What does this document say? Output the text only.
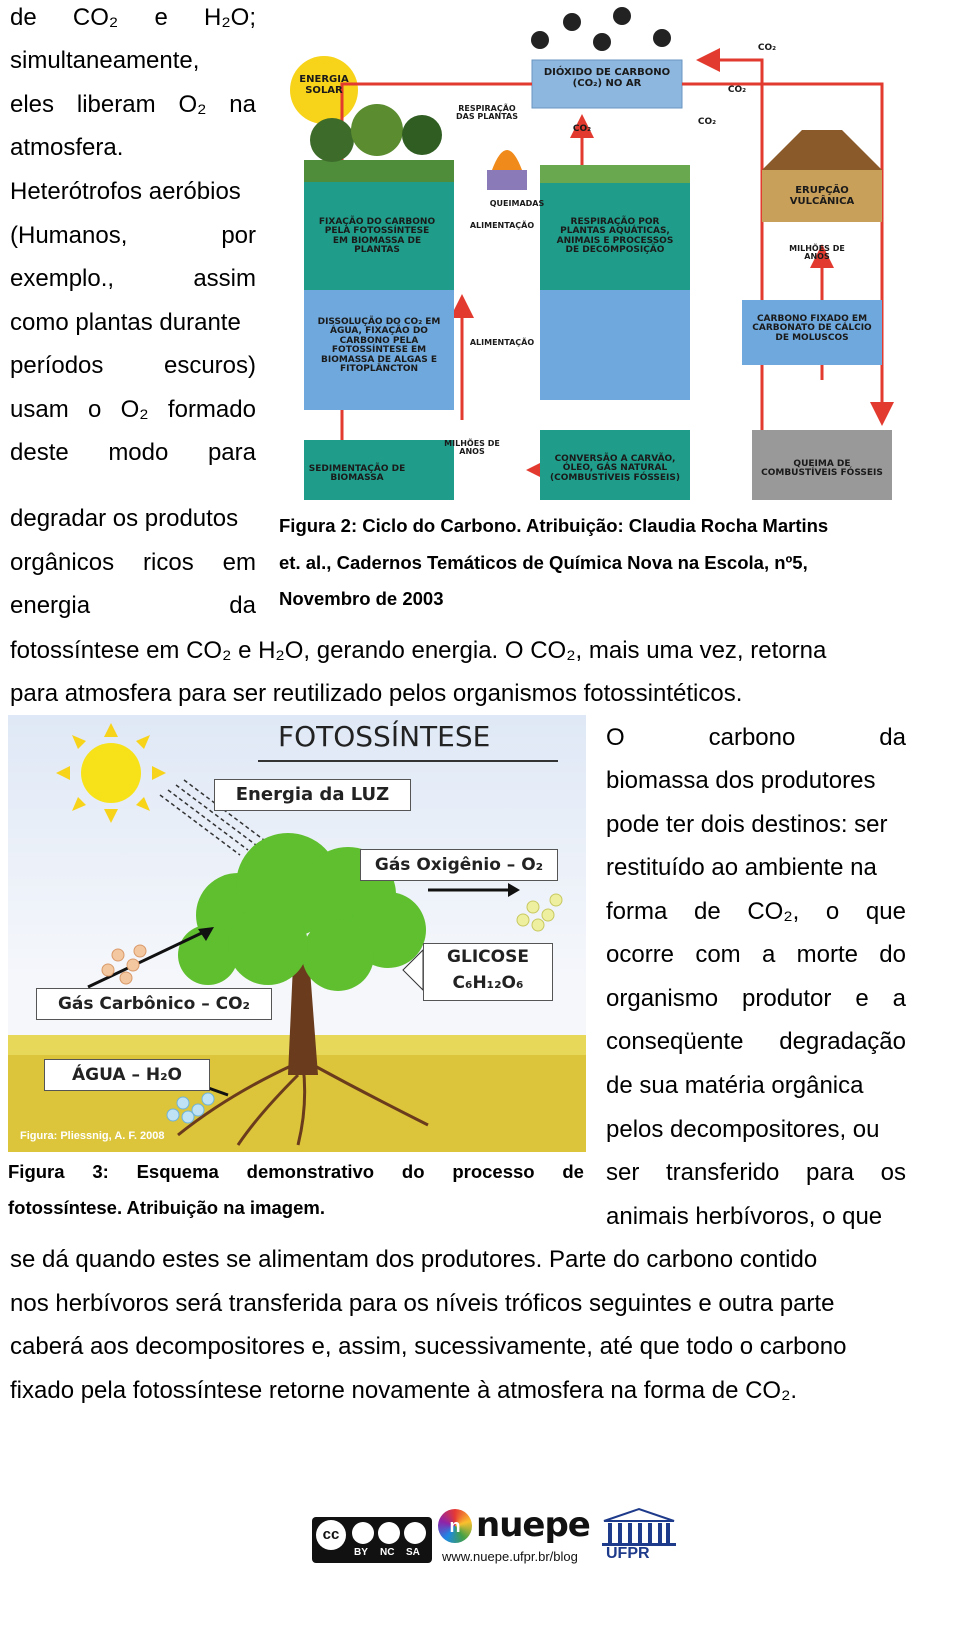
de CO₂ e H₂O;
simultaneamente,
eles liberam O₂ na
atmosfera.
Heterótrofos aeróbios
(Humanos,	por
exemplo.,	assim
como plantas durante
períodos	escuros)
usam o O₂ formado
deste modo para
degradar os produtos
orgânicos ricos em
energia	da
ENERGIA SOLAR
DIÓXIDO DE CARBONO (CO₂) NO AR
RESPIRAÇÃO DAS PLANTAS
CO₂
CO₂
CO₂
CO₂
QUEIMADAS
FIXAÇÃO DO CARBONO PELA FOTOSSÍNTESE EM BIOMASSA DE PLANTAS
ALIMENTAÇÃO	RESPIRAÇÃO POR PLANTAS AQUÁTICAS, ANIMAIS E PROCESSOS DE DECOMPOSIÇÃO
ERUPÇÃO VULCÂNICA
MILHÕES DE ANOS
DISSOLUÇÃO DO CO₂ EM ÁGUA, FIXAÇÃO DO CARBONO PELA FOTOSSÍNTESE EM BIOMASSA DE ALGAS E FITOPLÂNCTON
ALIMENTAÇÃO
CARBONO FIXADO EM CARBONATO DE CÁLCIO DE MOLUSCOS
MILHÕES DE ANOS
SEDIMENTAÇÃO DE BIOMASSA
CONVERSÃO A CARVÃO, ÓLEO, GÁS NATURAL (COMBUSTÍVEIS FÓSSEIS)
QUEIMA DE COMBUSTÍVEIS FÓSSEIS
Figura 2: Ciclo do Carbono. Atribuição: Claudia Rocha Martins
et. al., Cadernos Temáticos de Química Nova na Escola, nº5,
Novembro de 2003
fotossíntese em CO₂ e H₂O, gerando energia. O CO₂, mais uma vez, retorna
para atmosfera para ser reutilizado pelos organismos fotossintéticos.
FOTOSSÍNTESE
Energia da LUZ
Gás Oxigênio – O₂
GLICOSE
C₆H₁₂O₆
Gás Carbônico – CO₂
ÁGUA – H₂O
Figura: Pliessnig, A. F. 2008
Figura 3: Esquema demonstrativo do processo de
fotossíntese. Atribuição na imagem.
O	carbono	da
biomassa dos produtores
pode ter dois destinos: ser
restituído ao ambiente na
forma de CO₂, o que
ocorre com a morte do
organismo produtor e a
conseqüente degradação
de sua matéria orgânica
pelos decompositores, ou
ser transferido para os
animais herbívoros, o que
se dá quando estes se alimentam dos produtores. Parte do carbono contido
nos herbívoros será transferida para os níveis tróficos seguintes e outra parte
caberá aos decompositores e, assim, sucessivamente, até que todo o carbono
fixado pela fotossíntese retorne novamente à atmosfera na forma de CO₂.
cc
BY NC SA
n nuepe
www.nuepe.ufpr.br/blog UFPR
